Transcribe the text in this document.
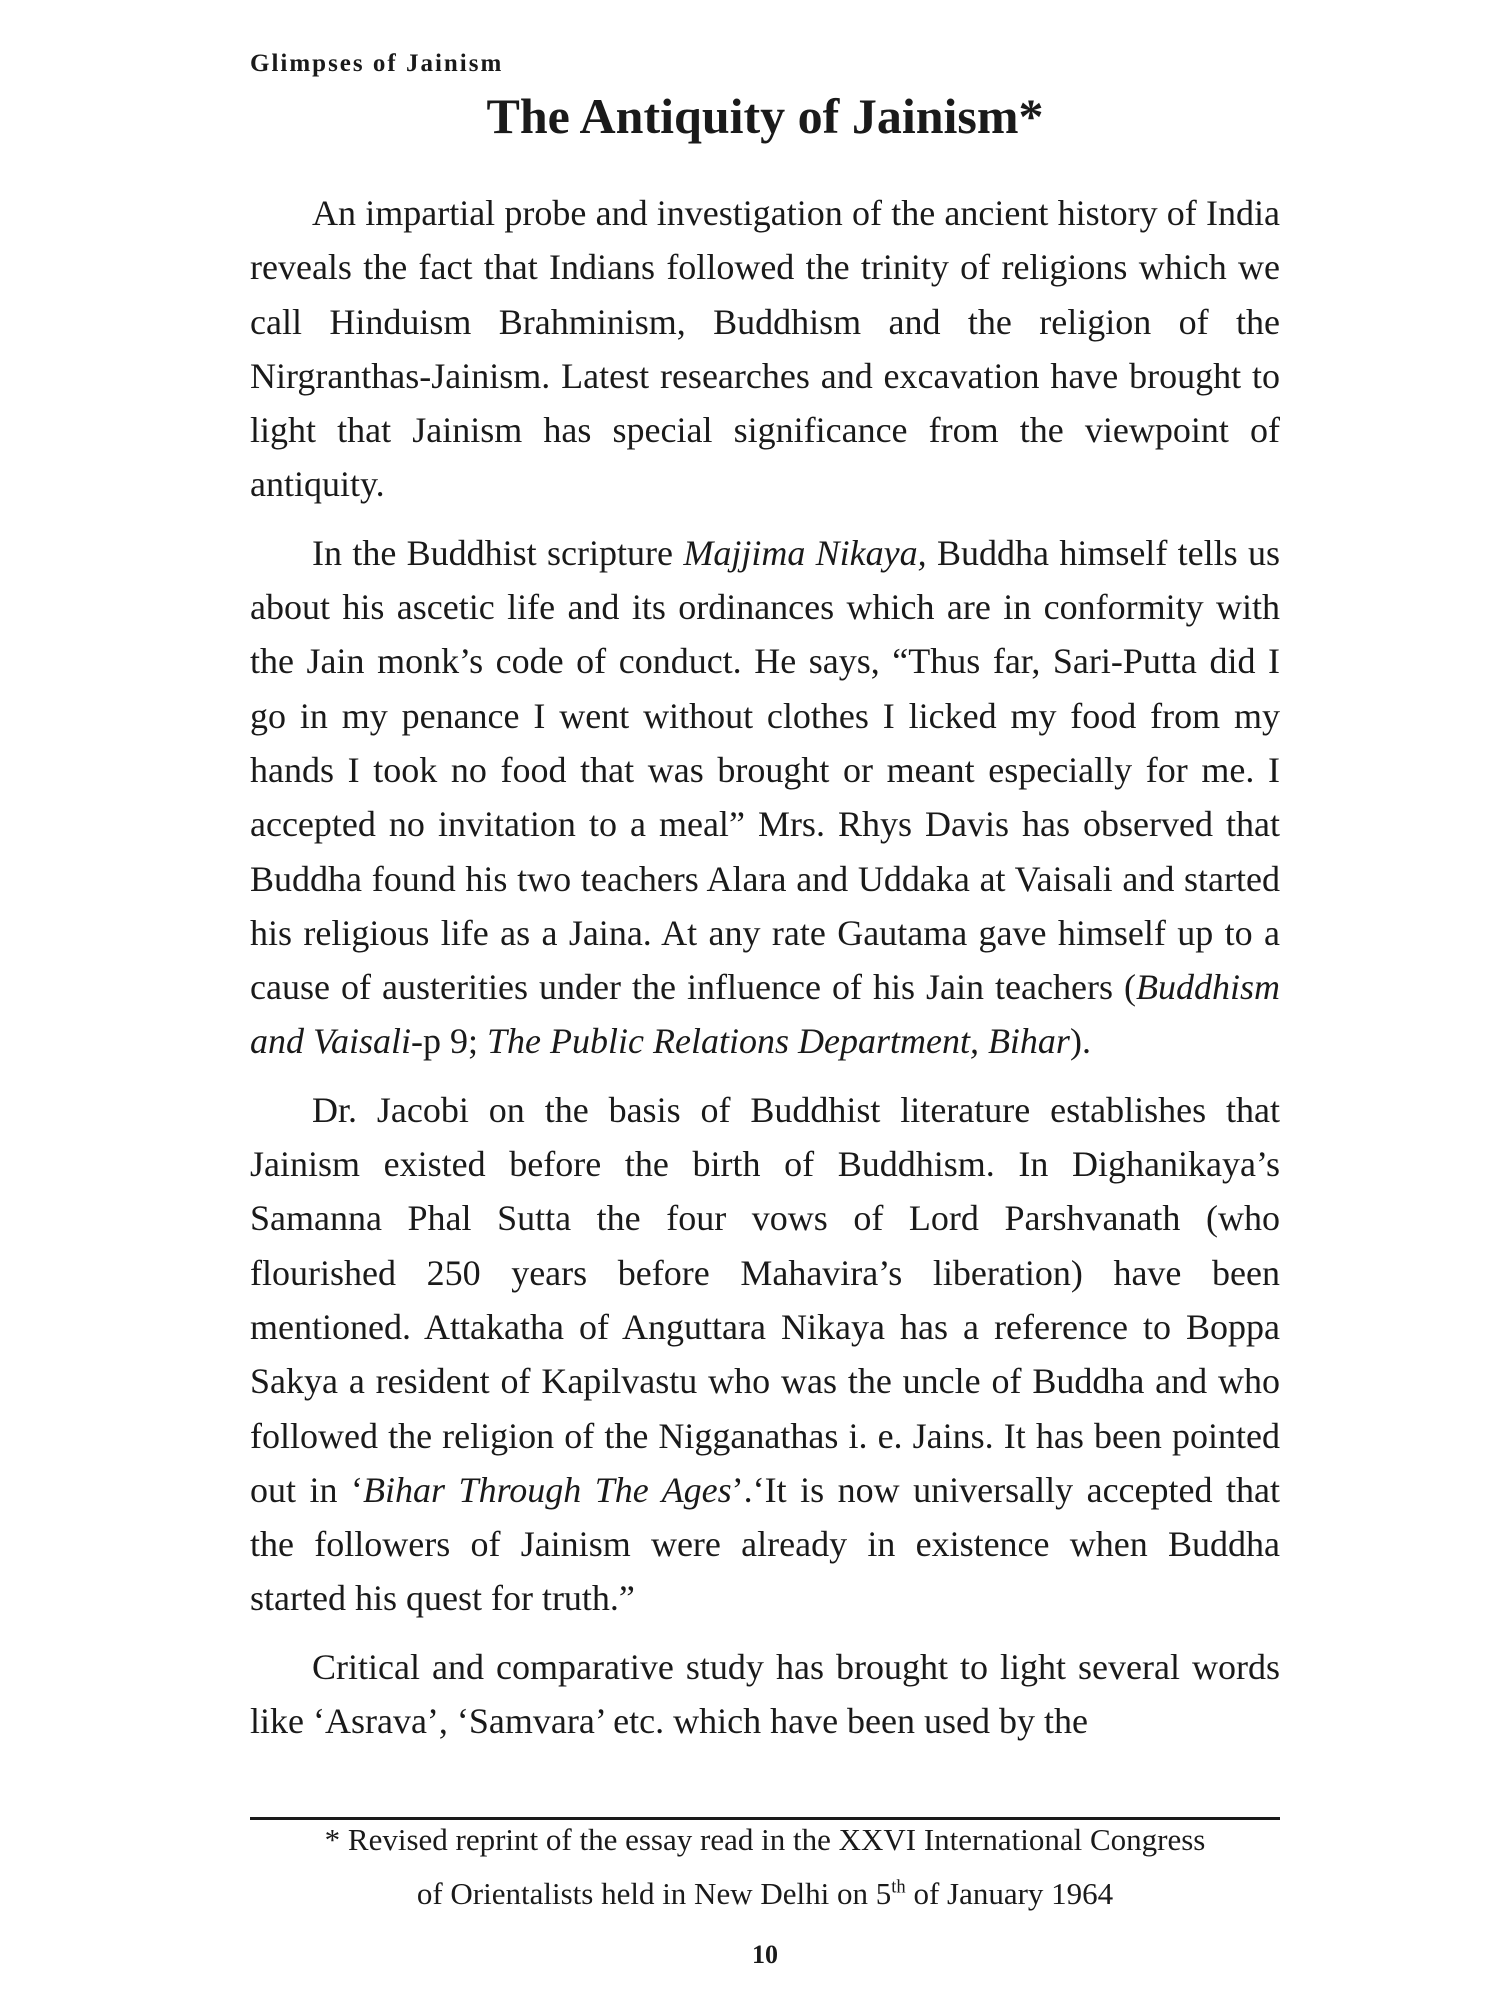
Glimpses of Jainism
The Antiquity of Jainism*

An impartial probe and investigation of the ancient history of India reveals the fact that Indians followed the trinity of religions which we call Hinduism Brahminism, Buddhism and the religion of the Nirgranthas-Jainism. Latest researches and excavation have brought to light that Jainism has special significance from the viewpoint of antiquity.

In the Buddhist scripture Majjima Nikaya, Buddha himself tells us about his ascetic life and its ordinances which are in conformity with the Jain monk’s code of conduct. He says, “Thus far, Sari-Putta did I go in my penance I went without clothes I licked my food from my hands I took no food that was brought or meant especially for me. I accepted no invitation to a meal” Mrs. Rhys Davis has observed that Buddha found his two teachers Alara and Uddaka at Vaisali and started his religious life as a Jaina. At any rate Gautama gave himself up to a cause of austerities under the influence of his Jain teachers (Buddhism and Vaisali-p 9; The Public Relations Department, Bihar).

Dr. Jacobi on the basis of Buddhist literature establishes that Jainism existed before the birth of Buddhism. In Dighanikaya’s Samanna Phal Sutta the four vows of Lord Parshvanath (who flourished 250 years before Mahavira’s liberation) have been mentioned. Attakatha of Anguttara Nikaya has a reference to Boppa Sakya a resident of Kapilvastu who was the uncle of Buddha and who followed the religion of the Nigganathas i. e. Jains. It has been pointed out in ‘Bihar Through The Ages’.‘It is now universally accepted that the followers of Jainism were already in existence when Buddha started his quest for truth.”

Critical and comparative study has brought to light several words like ‘Asrava’, ‘Samvara’ etc. which have been used by the

* Revised reprint of the essay read in the XXVI International Congress
of Orientalists held in New Delhi on 5th of January 1964
10
